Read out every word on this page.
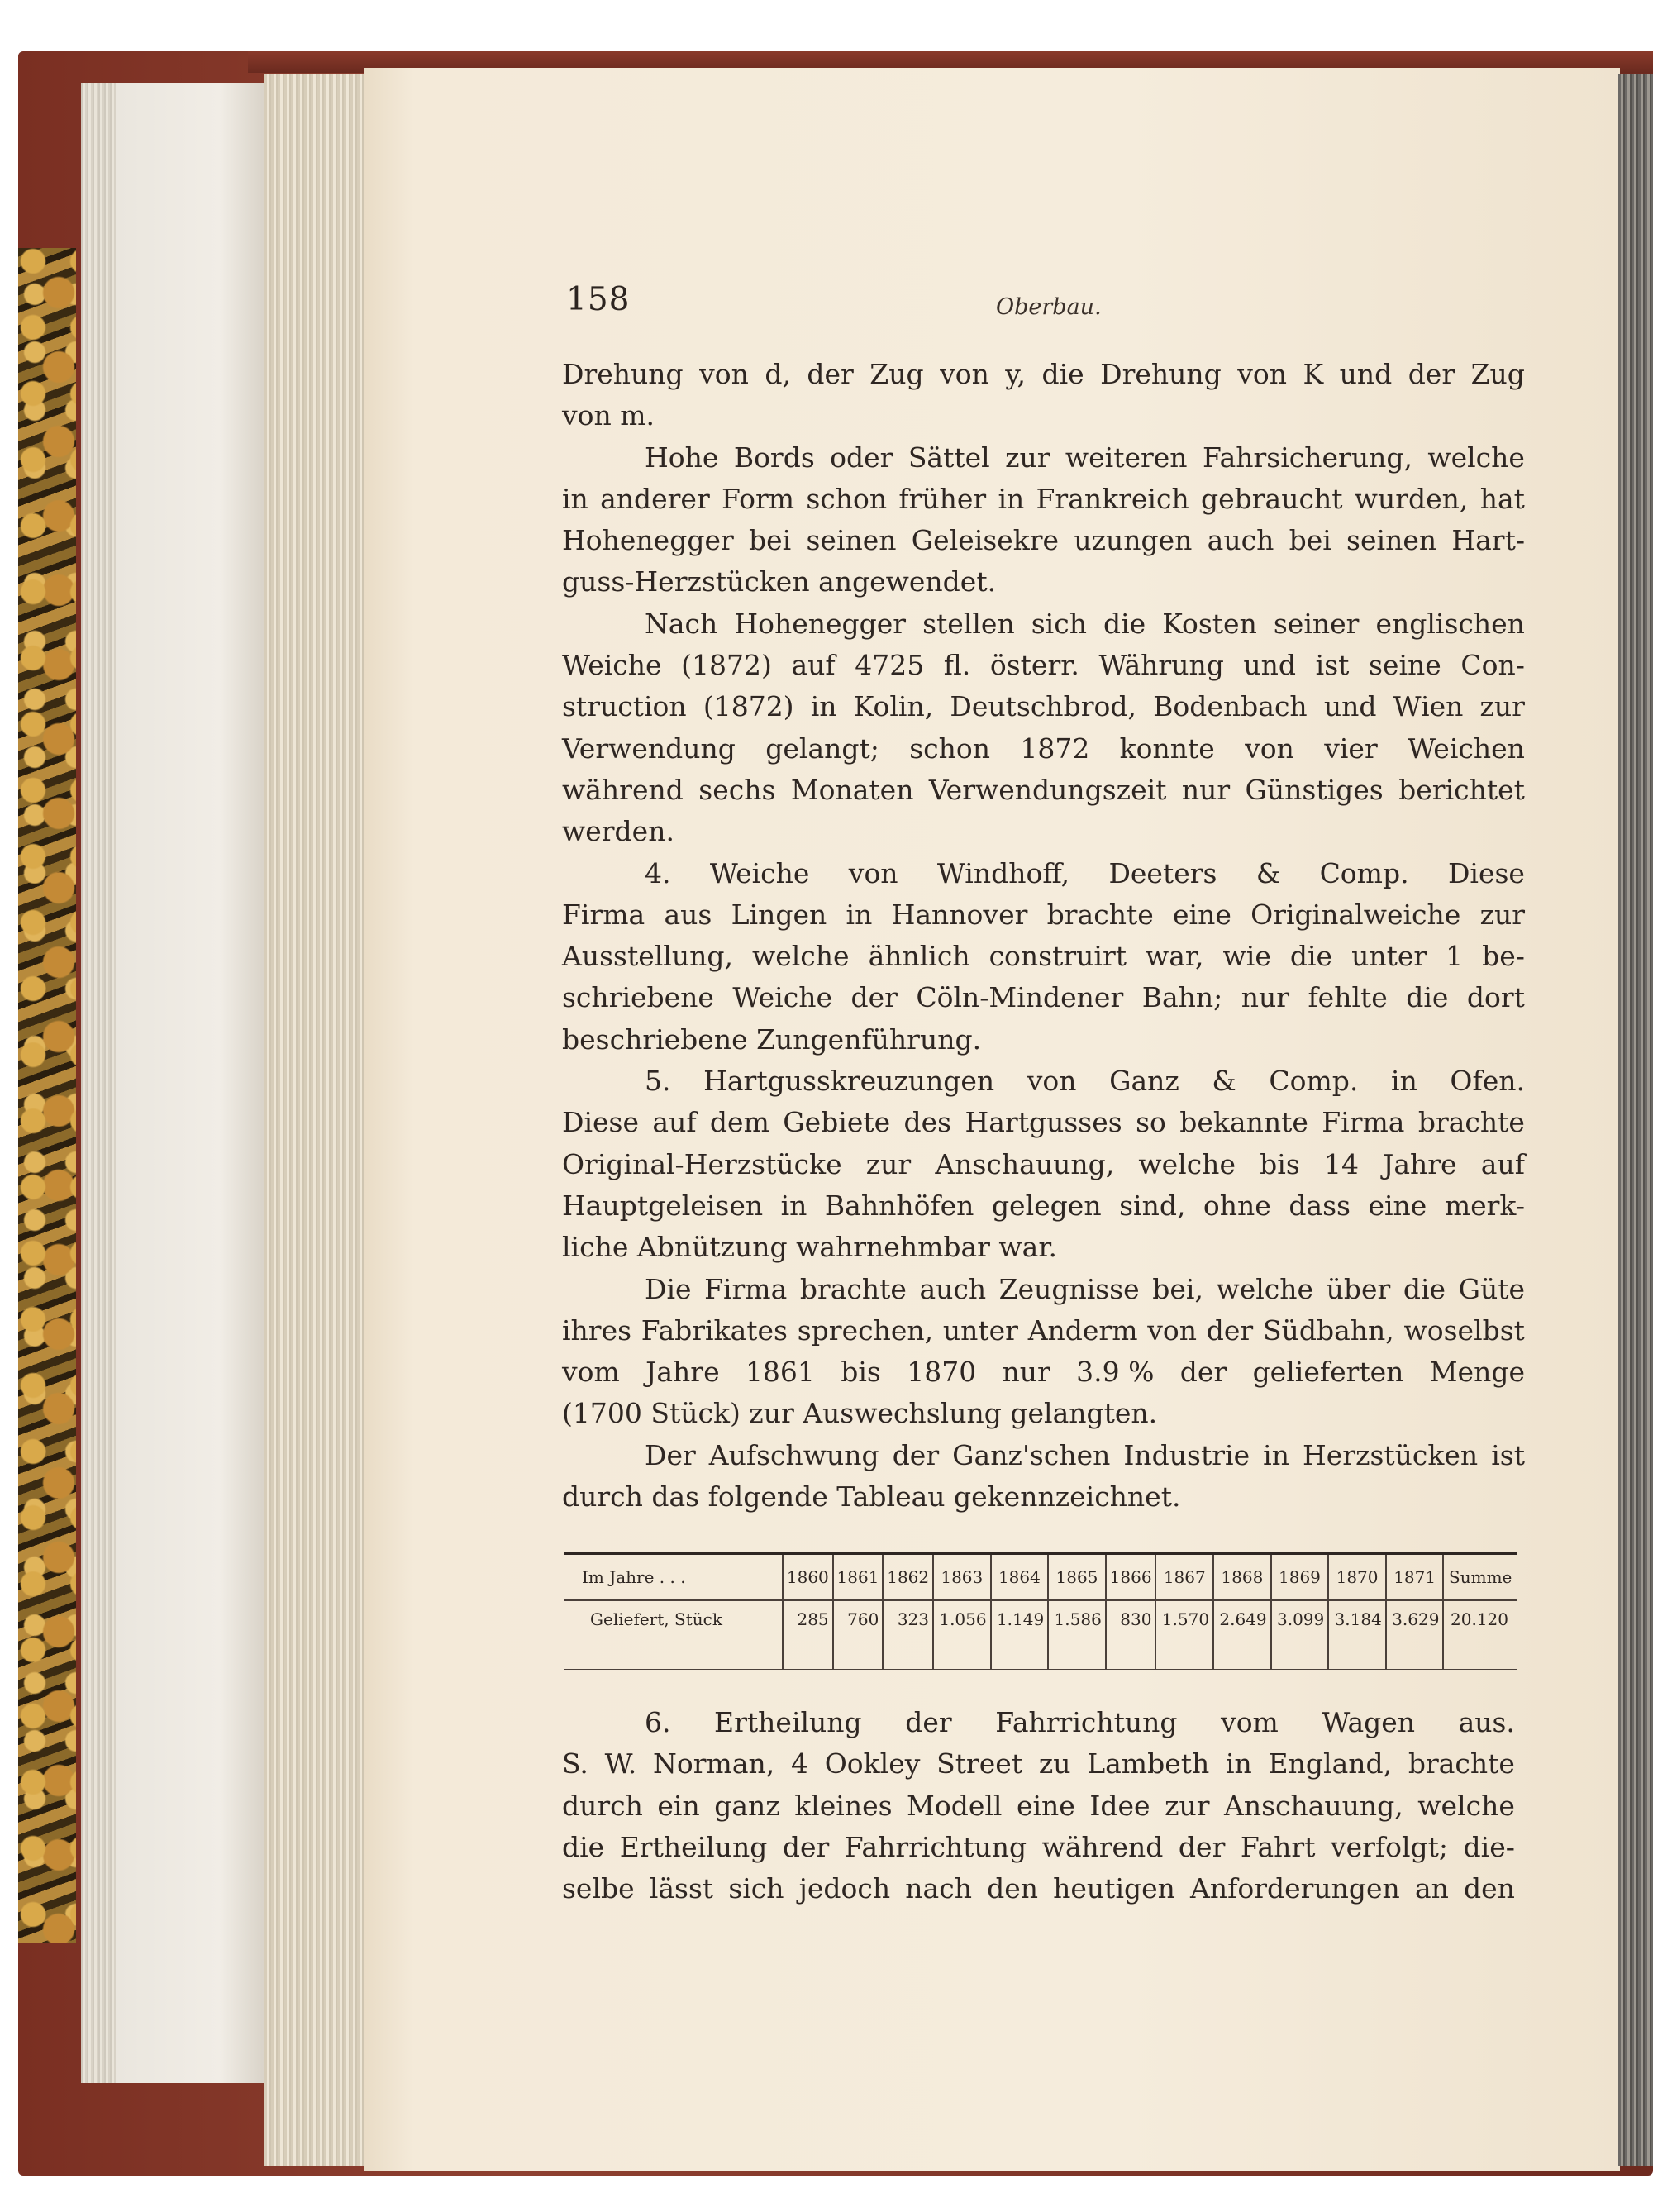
158	Oberbau.
Drehung von d, der Zug von y, die Drehung von K und der Zug
von m.
Hohe Bords oder Sättel zur weiteren Fahrsicherung, welche
in anderer Form schon früher in Frankreich gebraucht wurden, hat
Hohenegger bei seinen Geleisekre uzungen auch bei seinen Hart-
guss-Herzstücken angewendet.
Nach Hohenegger stellen sich die Kosten seiner englischen
Weiche (1872) auf 4725 fl. österr. Währung und ist seine Con-
struction (1872) in Kolin, Deutschbrod, Bodenbach und Wien zur
Verwendung gelangt; schon 1872 konnte von vier Weichen
während sechs Monaten Verwendungszeit nur Günstiges berichtet
werden.
4. Weiche von Windhoff, Deeters & Comp. Diese
Firma aus Lingen in Hannover brachte eine Originalweiche zur
Ausstellung, welche ähnlich construirt war, wie die unter 1 be-
schriebene Weiche der Cöln-Mindener Bahn; nur fehlte die dort
beschriebene Zungenführung.
5. Hartgusskreuzungen von Ganz & Comp. in Ofen.
Diese auf dem Gebiete des Hartgusses so bekannte Firma brachte
Original-Herzstücke zur Anschauung, welche bis 14 Jahre auf
Hauptgeleisen in Bahnhöfen gelegen sind, ohne dass eine merk-
liche Abnützung wahrnehmbar war.
Die Firma brachte auch Zeugnisse bei, welche über die Güte
ihres Fabrikates sprechen, unter Anderm von der Südbahn, woselbst
vom Jahre 1861 bis 1870 nur 3.9 % der gelieferten Menge
(1700 Stück) zur Auswechslung gelangten.
Der Aufschwung der Ganz'schen Industrie in Herzstücken ist
durch das folgende Tableau gekennzeichnet.
Im Jahre . . .	1860	1861	1862	1863	1864	1865	1866	1867	1868	1869	1870	1871	Summe
Geliefert, Stück	285	760	323	1.056	1.149	1.586	830	1.570	2.649	3.099	3.184	3.629	20.120
6. Ertheilung der Fahrrichtung vom Wagen aus.
S. W. Norman, 4 Ookley Street zu Lambeth in England, brachte
durch ein ganz kleines Modell eine Idee zur Anschauung, welche
die Ertheilung der Fahrrichtung während der Fahrt verfolgt; die-
selbe lässt sich jedoch nach den heutigen Anforderungen an den
